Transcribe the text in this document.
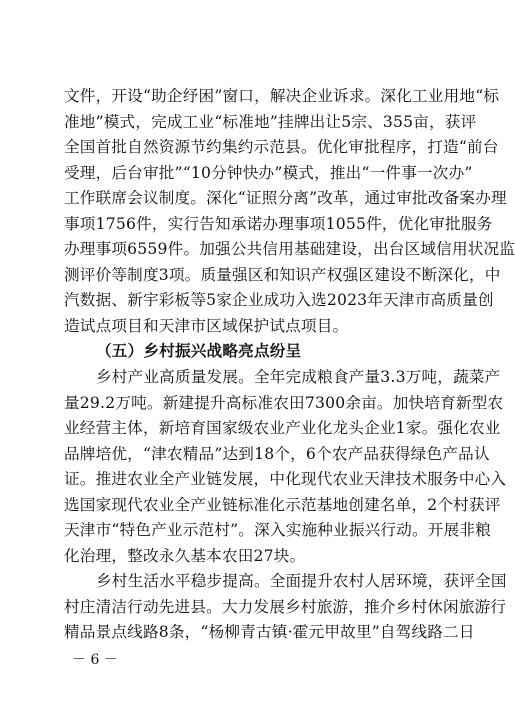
文件，开设“助企纾困”窗口，解决企业诉求。深化工业用地“标
准地”模式，完成工业“标准地”挂牌出让5宗、355亩，获评
全国首批自然资源节约集约示范县。优化审批程序，打造“前台
受理，后台审批”“10分钟快办”模式，推出“一件事一次办”
工作联席会议制度。深化“证照分离”改革，通过审批改备案办理
事项1756件，实行告知承诺办理事项1055件，优化审批服务
办理事项6559件。加强公共信用基础建设，出台区域信用状况监
测评价等制度3项。质量强区和知识产权强区建设不断深化，中
汽数据、新宇彩板等5家企业成功入选2023年天津市高质量创
造试点项目和天津市区域保护试点项目。
（五）乡村振兴战略亮点纷呈
乡村产业高质量发展。全年完成粮食产量3.3万吨，蔬菜产
量29.2万吨。新建提升高标准农田7300余亩。加快培育新型农
业经营主体，新培育国家级农业产业化龙头企业1家。强化农业
品牌培优，“津农精品”达到18个，6个农产品获得绿色产品认
证。推进农业全产业链发展，中化现代农业天津技术服务中心入
选国家现代农业全产业链标准化示范基地创建名单，2个村获评
天津市“特色产业示范村”。深入实施种业振兴行动。开展非粮
化治理，整改永久基本农田27块。
乡村生活水平稳步提高。全面提升农村人居环境，获评全国
村庄清洁行动先进县。大力发展乡村旅游，推介乡村休闲旅游行
精品景点线路8条，“杨柳青古镇·霍元甲故里”自驾线路二日
－ 6 －
